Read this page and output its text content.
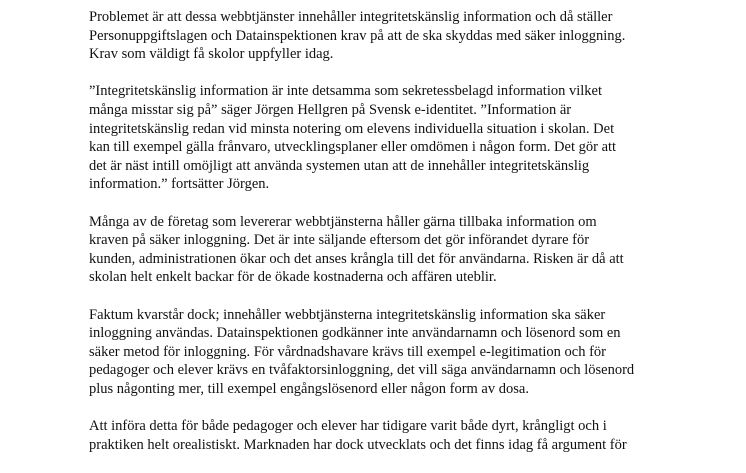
Problemet är att dessa webbtjänster innehåller integritetskänslig information och då ställer
Personuppgiftslagen och Datainspektionen krav på att de ska skyddas med säker inloggning.
Krav som väldigt få skolor uppfyller idag.

”Integritetskänslig information är inte detsamma som sekretessbelagd information vilket
många misstar sig på” säger Jörgen Hellgren på Svensk e-identitet. ”Information är
integritetskänslig redan vid minsta notering om elevens individuella situation i skolan. Det
kan till exempel gälla frånvaro, utvecklingsplaner eller omdömen i någon form. Det gör att
det är näst intill omöjligt att använda systemen utan att de innehåller integritetskänslig
information.” fortsätter Jörgen.

Många av de företag som levererar webbtjänsterna håller gärna tillbaka information om
kraven på säker inloggning. Det är inte säljande eftersom det gör införandet dyrare för
kunden, administrationen ökar och det anses krångla till det för användarna. Risken är då att
skolan helt enkelt backar för de ökade kostnaderna och affären uteblir.

Faktum kvarstår dock; innehåller webbtjänsterna integritetskänslig information ska säker
inloggning användas. Datainspektionen godkänner inte användarnamn och lösenord som en
säker metod för inloggning. För vårdnadshavare krävs till exempel e-legitimation och för
pedagoger och elever krävs en tvåfaktorsinloggning, det vill säga användarnamn och lösenord
plus någonting mer, till exempel engångslösenord eller någon form av dosa.

Att införa detta för både pedagoger och elever har tidigare varit både dyrt, krångligt och i
praktiken helt orealistiskt. Marknaden har dock utvecklats och det finns idag få argument för
